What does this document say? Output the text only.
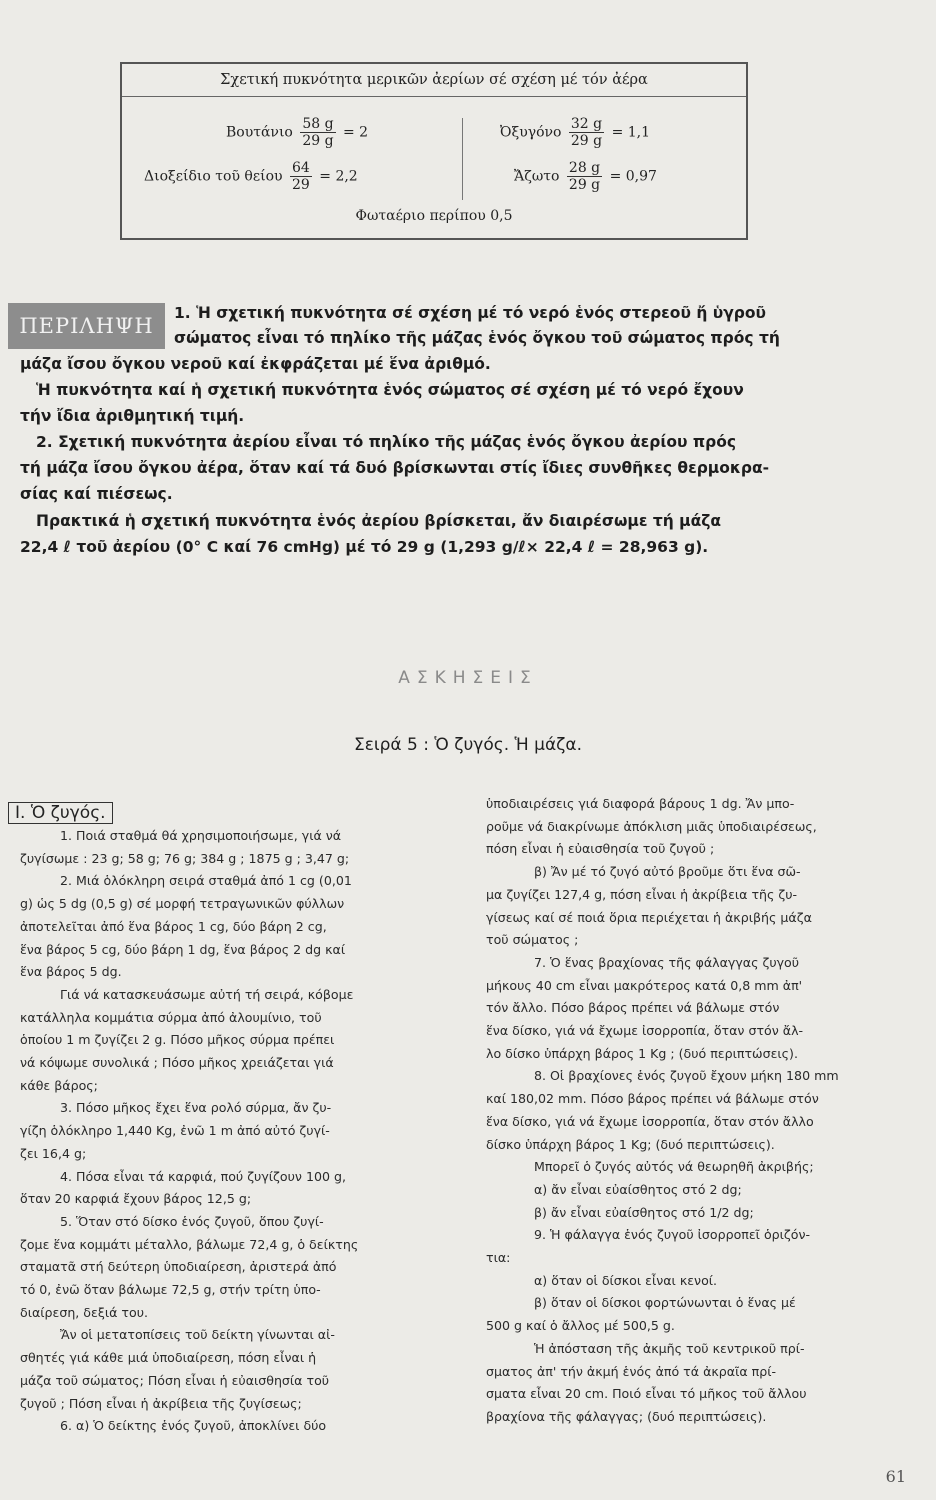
Σχετική πυκνότητα μερικῶν ἀερίων σέ σχέση μέ τόν ἀέρα
Βουτάνιο $\frac{58 g}{29 g} = 2$
Διοξείδιο τοῦ θείου $\frac{64}{29} = 2,2$
Ὀξυγόνο $\frac{32 g}{29 g} = 1,1$
Ἄζωτο $\frac{28 g}{29 g} = 0,97$
Φωταέριο περίπου 0,5
ΠΕΡΙΛΗΨΗ
1. Ἡ σχετική πυκνότητα σέ σχέση μέ τό νερό ἑνός στερεοῦ ἤ ὑγροῦ
σώματος εἶναι τό πηλίκο τῆς μάζας ἑνός ὄγκου τοῦ σώματος πρός τή
μάζα ἴσου ὄγκου νεροῦ καί ἐκφράζεται μέ ἕνα ἀριθμό.
Ἡ πυκνότητα καί ἡ σχετική πυκνότητα ἑνός σώματος σέ σχέση μέ τό νερό ἔχουν
τήν ἴδια ἀριθμητική τιμή.
2. Σχετική πυκνότητα ἀερίου εἶναι τό πηλίκο τῆς μάζας ἑνός ὄγκου ἀερίου πρός
τή μάζα ἴσου ὄγκου ἀέρα, ὅταν καί τά δυό βρίσκωνται στίς ἴδιες συνθῆκες θερμοκρα-
σίας καί πιέσεως.
Πρακτικά ἡ σχετική πυκνότητα ἑνός ἀερίου βρίσκεται, ἄν διαιρέσωμε τή μάζα
22,4 ℓ τοῦ ἀερίου (0° C καί 76 cmHg) μέ τό 29 g (1,293 g/ℓ× 22,4 ℓ = 28,963 g).
ΑΣΚΗΣΕΙΣ
Σειρά 5 : Ὁ ζυγός. Ἡ μάζα.
I. Ὁ ζυγός.
1. Ποιά σταθμά θά χρησιμοποιήσωμε, γιά νά
ζυγίσωμε : 23 g; 58 g; 76 g; 384 g ; 1875 g ; 3,47 g;
2. Μιά ὁλόκληρη σειρά σταθμά ἀπό 1 cg (0,01
g) ὡς 5 dg (0,5 g) σέ μορφή τετραγωνικῶν φύλλων
ἀποτελεῖται ἀπό ἕνα βάρος 1 cg, δύο βάρη 2 cg,
ἕνα βάρος 5 cg, δύο βάρη 1 dg, ἕνα βάρος 2 dg καί
ἕνα βάρος 5 dg.
Γιά νά κατασκευάσωμε αὐτή τή σειρά, κόβομε
κατάλληλα κομμάτια σύρμα ἀπό ἀλουμίνιο, τοῦ
ὁποίου 1 m ζυγίζει 2 g. Πόσο μῆκος σύρμα πρέπει
νά κόψωμε συνολικά ; Πόσο μῆκος χρειάζεται γιά
κάθε βάρος;
3. Πόσο μῆκος ἔχει ἕνα ρολό σύρμα, ἄν ζυ-
γίζη ὁλόκληρο 1,440 Kg, ἐνῶ 1 m ἀπό αὐτό ζυγί-
ζει 16,4 g;
4. Πόσα εἶναι τά καρφιά, πού ζυγίζουν 100 g,
ὅταν 20 καρφιά ἔχουν βάρος 12,5 g;
5. Ὅταν στό δίσκο ἑνός ζυγοῦ, ὅπου ζυγί-
ζομε ἕνα κομμάτι μέταλλο, βάλωμε 72,4 g, ὁ δείκτης
σταματᾶ στή δεύτερη ὑποδιαίρεση, ἀριστερά ἀπό
τό 0, ἐνῶ ὅταν βάλωμε 72,5 g, στήν τρίτη ὑπο-
διαίρεση, δεξιά του.
Ἄν οἱ μετατοπίσεις τοῦ δείκτη γίνωνται αἰ-
σθητές γιά κάθε μιά ὑποδιαίρεση, πόση εἶναι ἡ
μάζα τοῦ σώματος; Πόση εἶναι ἡ εὐαισθησία τοῦ
ζυγοῦ ; Πόση εἶναι ἡ ἀκρίβεια τῆς ζυγίσεως;
6. α) Ὁ δείκτης ἑνός ζυγοῦ, ἀποκλίνει δύο
ὑποδιαιρέσεις γιά διαφορά βάρους 1 dg. Ἄν μπο-
ροῦμε νά διακρίνωμε ἀπόκλιση μιᾶς ὑποδιαιρέσεως,
πόση εἶναι ἡ εὐαισθησία τοῦ ζυγοῦ ;
β) Ἄν μέ τό ζυγό αὐτό βροῦμε ὅτι ἕνα σῶ-
μα ζυγίζει 127,4 g, πόση εἶναι ἡ ἀκρίβεια τῆς ζυ-
γίσεως καί σέ ποιά ὅρια περιέχεται ἡ ἀκριβής μάζα
τοῦ σώματος ;
7. Ὁ ἕνας βραχίονας τῆς φάλαγγας ζυγοῦ
μήκους 40 cm εἶναι μακρότερος κατά 0,8 mm ἀπ'
τόν ἄλλο. Πόσο βάρος πρέπει νά βάλωμε στόν
ἕνα δίσκο, γιά νά ἔχωμε ἰσορροπία, ὅταν στόν ἄλ-
λο δίσκο ὑπάρχη βάρος 1 Kg ; (δυό περιπτώσεις).
8. Οἱ βραχίονες ἑνός ζυγοῦ ἔχουν μήκη 180 mm
καί 180,02 mm. Πόσο βάρος πρέπει νά βάλωμε στόν
ἕνα δίσκο, γιά νά ἔχωμε ἰσορροπία, ὅταν στόν ἄλλο
δίσκο ὑπάρχη βάρος 1 Kg; (δυό περιπτώσεις).
Μπορεῖ ὁ ζυγός αὐτός νά θεωρηθῆ ἀκριβής;
α) ἄν εἶναι εὐαίσθητος στό 2 dg;
β) ἄν εἶναι εὐαίσθητος στό 1/2 dg;
9. Ἡ φάλαγγα ἑνός ζυγοῦ ἰσορροπεῖ ὁριζόν-
τια:
α) ὅταν οἱ δίσκοι εἶναι κενοί.
β) ὅταν οἱ δίσκοι φορτώνωνται ὁ ἕνας μέ
500 g καί ὁ ἄλλος μέ 500,5 g.
Ἡ ἀπόσταση τῆς ἀκμῆς τοῦ κεντρικοῦ πρί-
σματος ἀπ' τήν ἀκμή ἑνός ἀπό τά ἀκραῖα πρί-
σματα εἶναι 20 cm. Ποιό εἶναι τό μῆκος τοῦ ἄλλου
βραχίονα τῆς φάλαγγας; (δυό περιπτώσεις).
61
